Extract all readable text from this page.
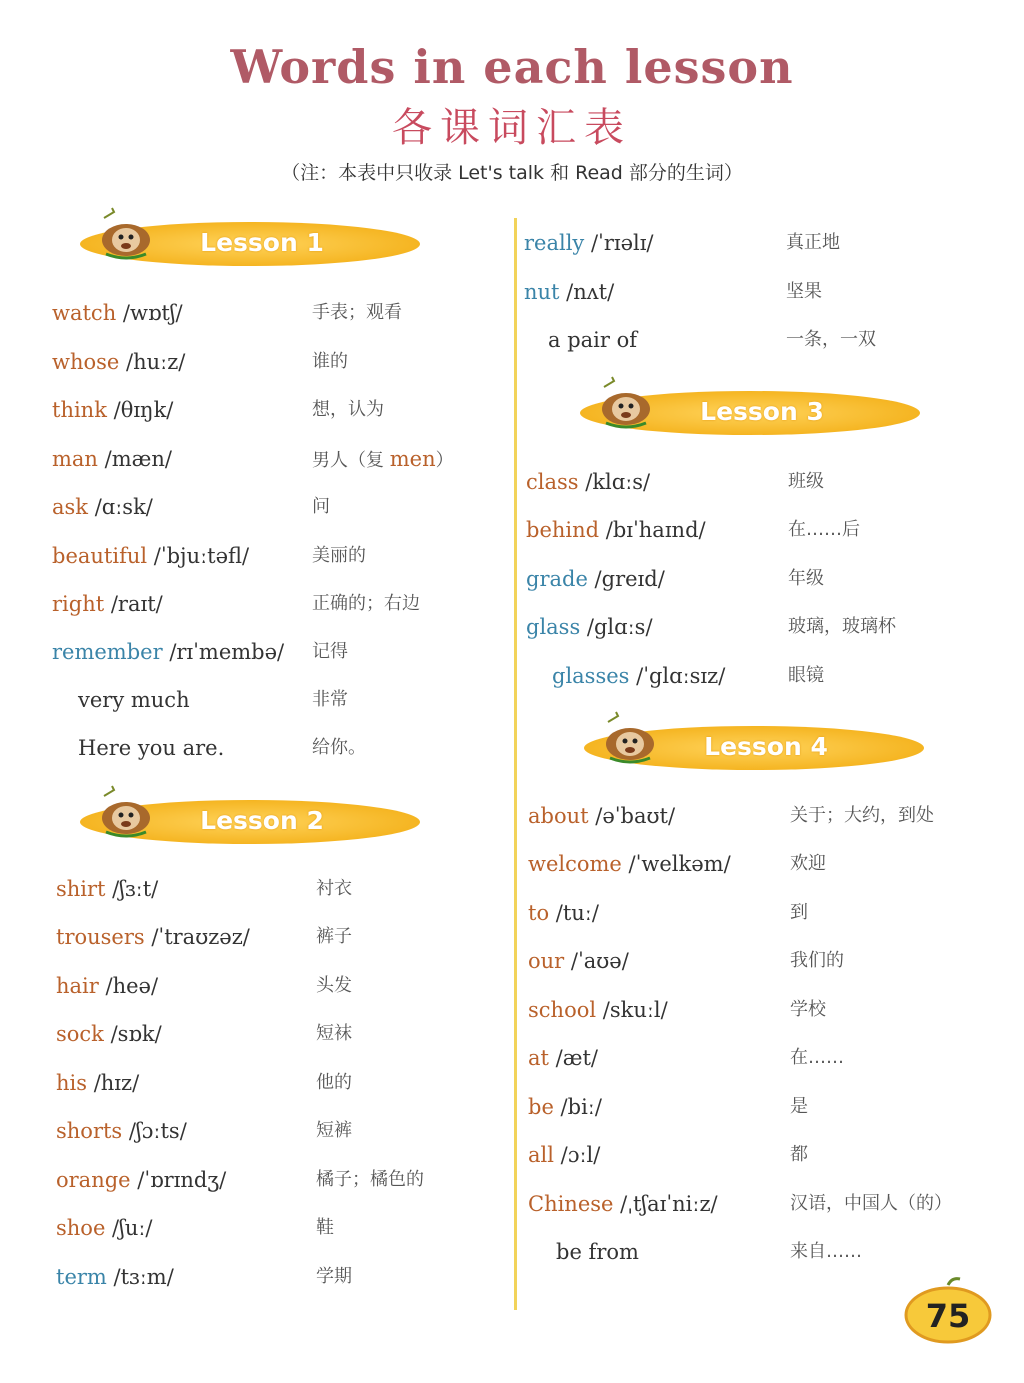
Words in each lesson
各课词汇表
（注：本表中只收录 Let's talk 和 Read 部分的生词）
Lesson 1
watch /wɒtʃ/	手表；观看
whose /huːz/	谁的
think /θɪŋk/	想，认为
man /mæn/	男人（复 men）
ask /ɑːsk/	问
beautiful /ˈbjuːtəfl/	美丽的
right /raɪt/	正确的；右边
remember /rɪˈmembə/ 记得
very much	非常
Here you are.	给你。
Lesson 2
shirt /ʃɜːt/	衬衣
trousers /ˈtraʊzəz/	裤子
hair /heə/	头发
sock /sɒk/	短袜
his /hɪz/	他的
shorts /ʃɔːts/	短裤
orange /ˈɒrɪndʒ/	橘子；橘色的
shoe /ʃuː/	鞋
term /tɜːm/	学期
really /ˈrɪəlɪ/	真正地
nut /nʌt/	坚果
a pair of	一条，一双
Lesson 3
class /klɑːs/	班级
behind /bɪˈhaɪnd/	在……后
grade /greɪd/	年级
glass /glɑːs/	玻璃，玻璃杯
glasses /ˈglɑːsɪz/	眼镜
Lesson 4
about /əˈbaʊt/	关于；大约，到处
welcome /ˈwelkəm/	欢迎
to /tuː/	到
our /ˈaʊə/	我们的
school /skuːl/	学校
at /æt/	在……
be /biː/	是
all /ɔːl/	都
Chinese /ˌtʃaɪˈniːz/	汉语，中国人（的）
be from	来自……
75
